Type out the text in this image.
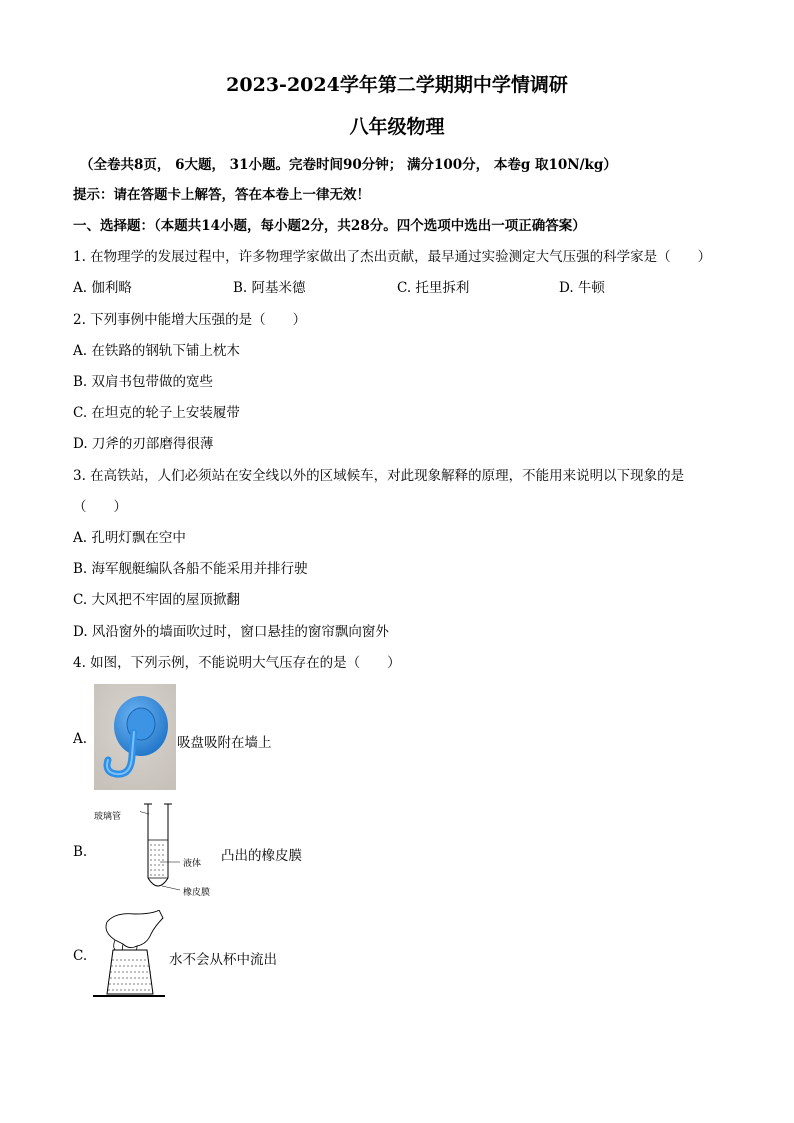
2023-2024学年第二学期期中学情调研
八年级物理
（全卷共8页， 6大题， 31小题。完卷时间90分钟； 满分100分， 本卷g 取10N/kg）
提示：请在答题卡上解答，答在本卷上一律无效！
一、选择题：（本题共14小题，每小题2分，共28分。四个选项中选出一项正确答案）
1. 在物理学的发展过程中，许多物理学家做出了杰出贡献，最早通过实验测定大气压强的科学家是（　　）
A. 伽利略	B. 阿基米德	C. 托里拆利	D. 牛顿
2. 下列事例中能增大压强的是（　　）
A. 在铁路的钢轨下铺上枕木
B. 双肩书包带做的宽些
C. 在坦克的轮子上安装履带
D. 刀斧的刃部磨得很薄
3. 在高铁站，人们必须站在安全线以外的区域候车，对此现象解释的原理，不能用来说明以下现象的是
（　　）
A. 孔明灯飘在空中
B. 海军舰艇编队各船不能采用并排行驶
C. 大风把不牢固的屋顶掀翻
D. 风沿窗外的墙面吹过时，窗口悬挂的窗帘飘向窗外
4. 如图，下列示例，不能说明大气压存在的是（　　）
A.	吸盘吸附在墙上
B.
玻璃管
液体
橡皮膜
凸出的橡皮膜
C.	水不会从杯中流出
